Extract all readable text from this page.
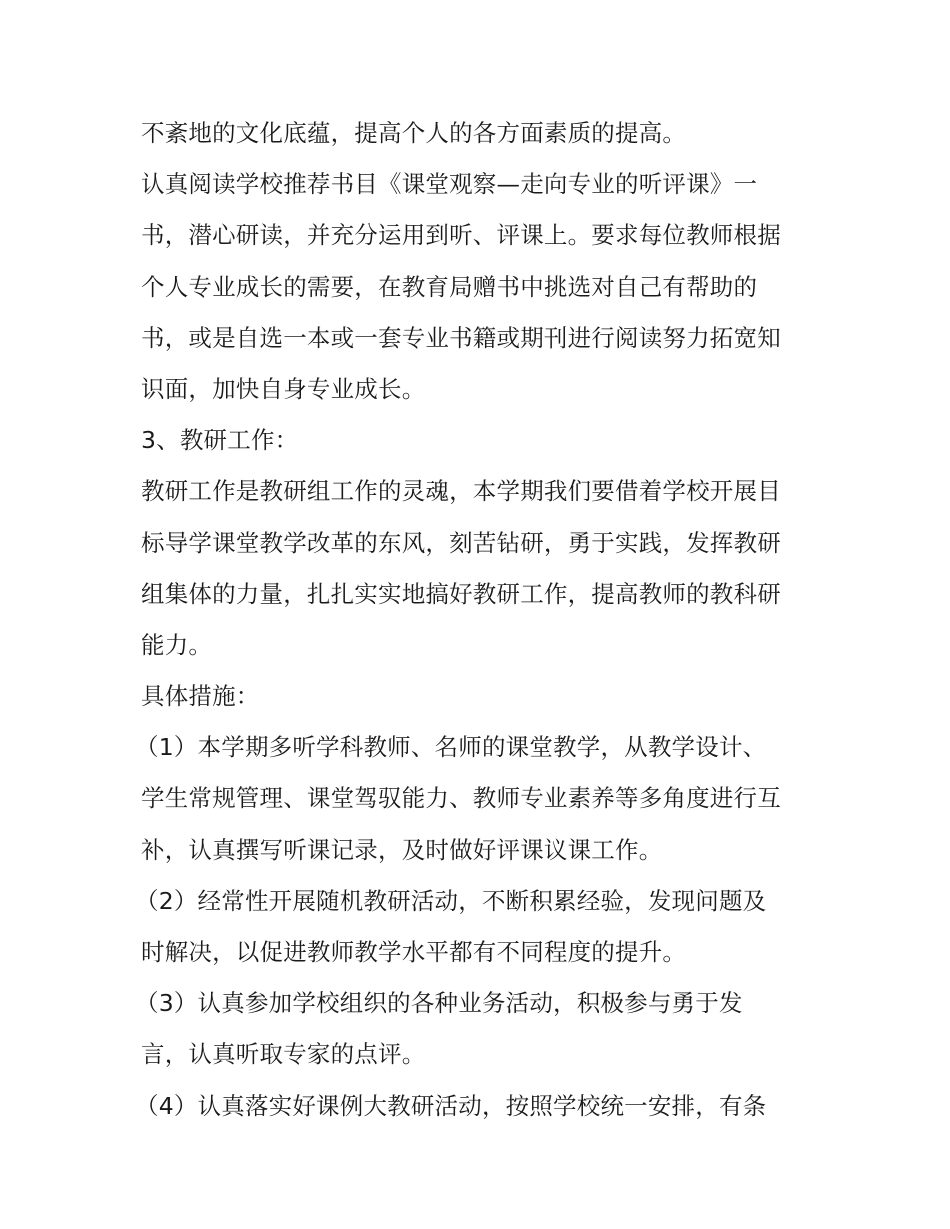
不紊地的文化底蕴，提高个人的各方面素质的提高。
认真阅读学校推荐书目《课堂观察—走向专业的听评课》一
书，潜心研读，并充分运用到听、评课上。要求每位教师根据
个人专业成长的需要，在教育局赠书中挑选对自己有帮助的
书，或是自选一本或一套专业书籍或期刊进行阅读努力拓宽知
识面，加快自身专业成长。
3、教研工作：
教研工作是教研组工作的灵魂，本学期我们要借着学校开展目
标导学课堂教学改革的东风，刻苦钻研，勇于实践，发挥教研
组集体的力量，扎扎实实地搞好教研工作，提高教师的教科研
能力。
具体措施：
（1）本学期多听学科教师、名师的课堂教学，从教学设计、
学生常规管理、课堂驾驭能力、教师专业素养等多角度进行互
补，认真撰写听课记录，及时做好评课议课工作。
（2）经常性开展随机教研活动，不断积累经验，发现问题及
时解决，以促进教师教学水平都有不同程度的提升。
（3）认真参加学校组织的各种业务活动，积极参与勇于发
言，认真听取专家的点评。
（4）认真落实好课例大教研活动，按照学校统一安排，有条
